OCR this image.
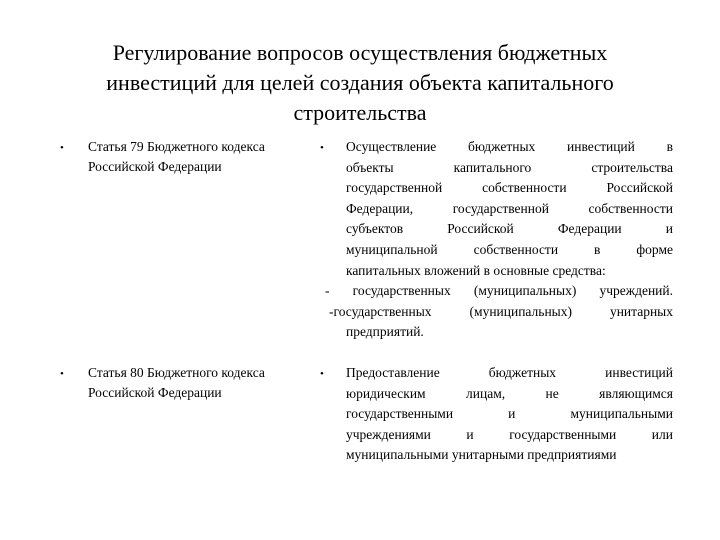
Регулирование вопросов осуществления бюджетных
инвестиций для целей создания объекта капитального
строительства
• Статья 79 Бюджетного кодекса
Российской Федерации
• Осуществление бюджетных инвестиций в
объекты капитального строительства
государственной собственности Российской
Федерации, государственной собственности
субъектов Российской Федерации и
муниципальной собственности в форме
капитальных вложений в основные средства:
- государственных (муниципальных) учреждений.
-государственных (муниципальных) унитарных
предприятий.
• Статья 80 Бюджетного кодекса
Российской Федерации
• Предоставление бюджетных инвестиций
юридическим лицам, не являющимся
государственными и муниципальными
учреждениями и государственными или
муниципальными унитарными предприятиями
